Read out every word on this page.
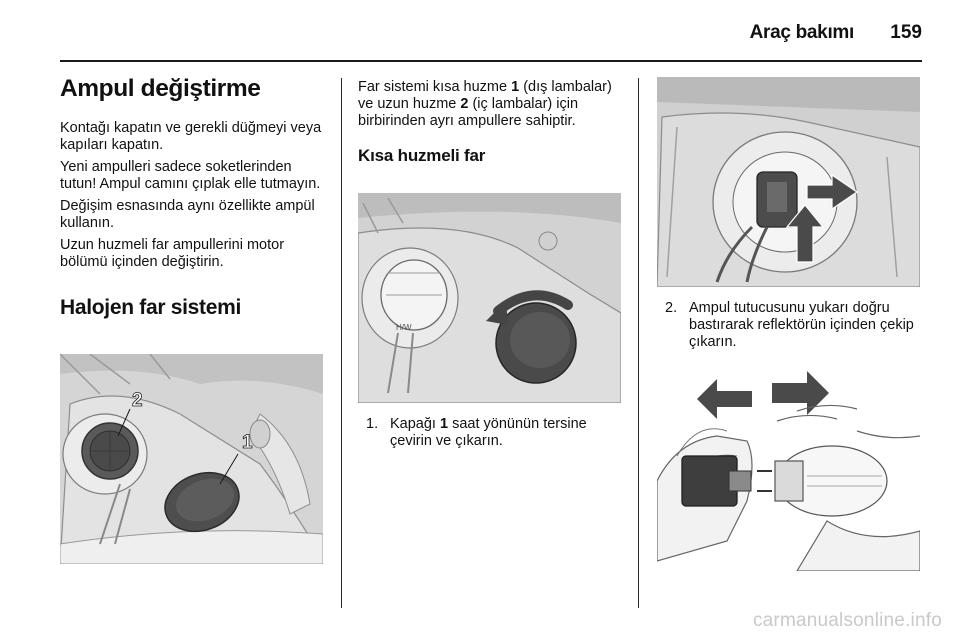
Araç bakımı	159
Ampul değiştirme

Kontağı kapatın ve gerekli düğmeyi veya kapıları kapatın.

Yeni ampulleri sadece soketlerinden tutun! Ampul camını çıplak elle tutmayın.

Değişim esnasında aynı özellikte ampül kullanın.

Uzun huzmeli far ampullerini motor bölümü içinden değiştirin.

Halojen far sistemi
2
1

Far sistemi kısa huzme 1 (dış lambalar) ve uzun huzme 2 (iç lambalar) için birbirinden ayrı ampullere sahiptir.

Kısa huzmeli far
H/W
1. Kapağı 1 saat yönünün tersine çevirin ve çıkarın.
2. Ampul tutucusunu yukarı doğru bastırarak reflektörün içinden çekip çıkarın.
carmanualsonline.info
